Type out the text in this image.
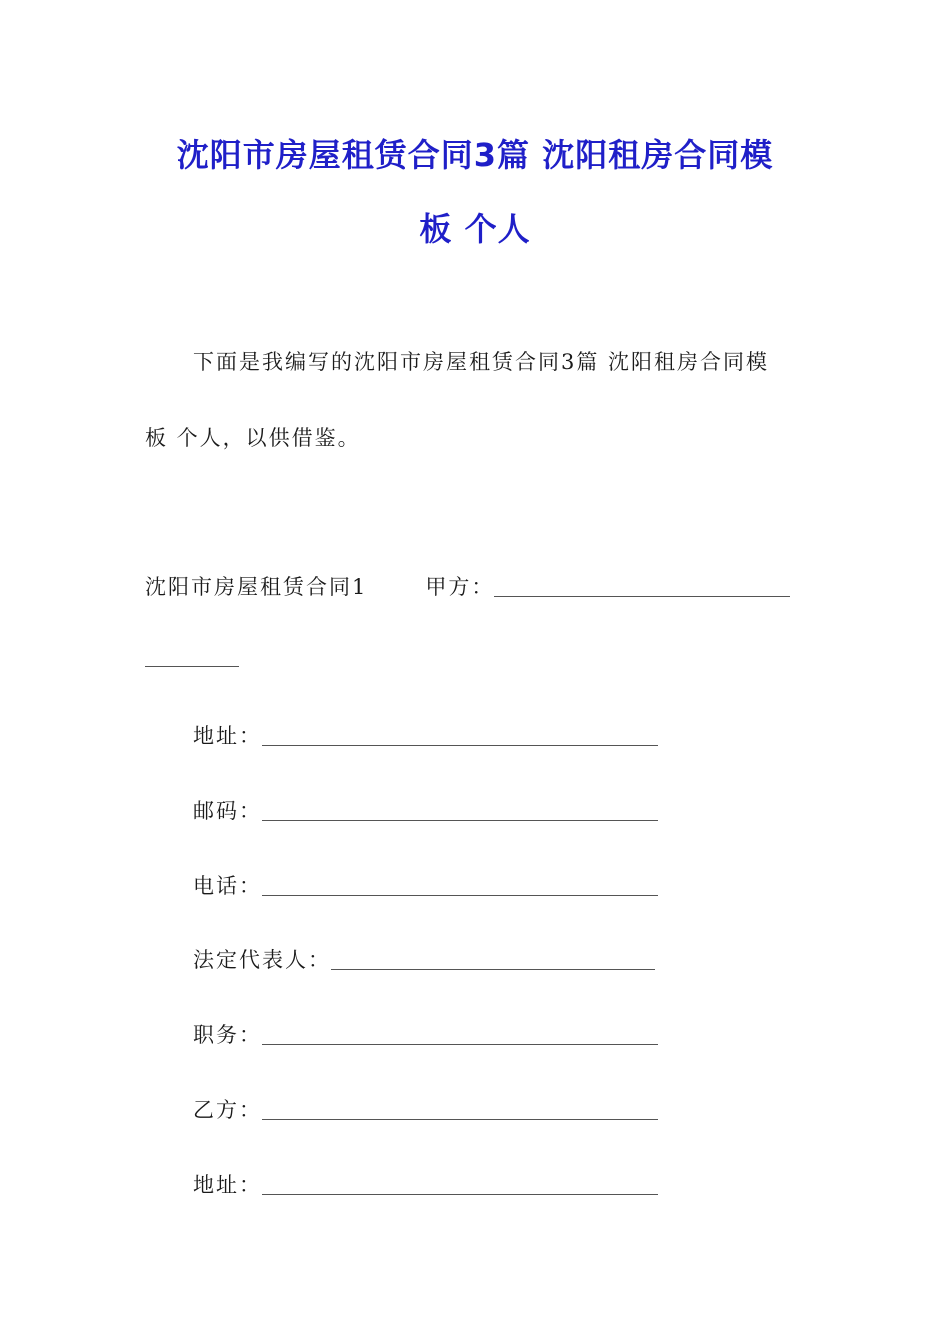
沈阳市房屋租赁合同3篇 沈阳租房合同模
板 个人
下面是我编写的沈阳市房屋租赁合同3篇 沈阳租房合同模
板 个人，以供借鉴。
沈阳市房屋租赁合同1	甲方：
地址：
邮码：
电话：
法定代表人：
职务：
乙方：
地址：
